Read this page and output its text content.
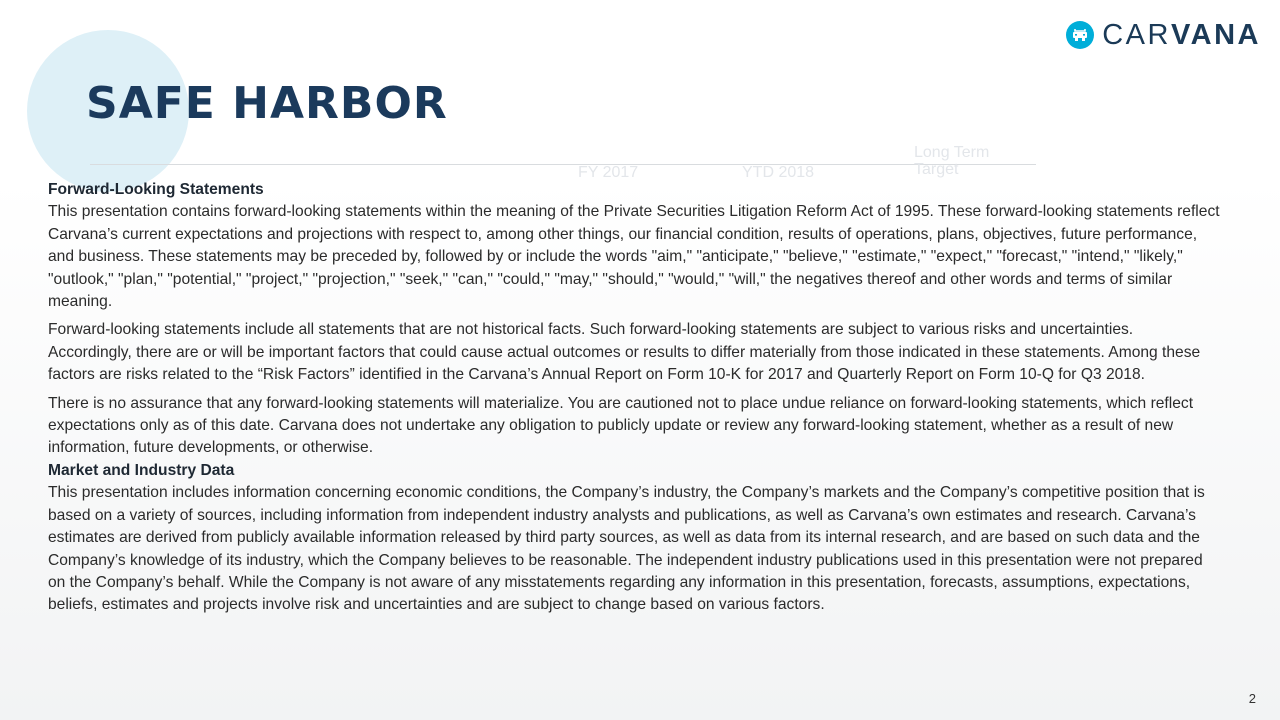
CARVANA
SAFE HARBOR
FY 2017	YTD 2018
Long Term Target
Forward-Looking Statements

This presentation contains forward-looking statements within the meaning of the Private Securities Litigation Reform Act of 1995. These forward-looking statements reflect Carvana’s current expectations and projections with respect to, among other things, our financial condition, results of operations, plans, objectives, future performance, and business. These statements may be preceded by, followed by or include the words "aim," "anticipate," "believe," "estimate," "expect," "forecast," "intend," "likely," "outlook," "plan," "potential," "project," "projection," "seek," "can," "could," "may," "should," "would," "will," the negatives thereof and other words and terms of similar meaning.

Forward-looking statements include all statements that are not historical facts. Such forward-looking statements are subject to various risks and uncertainties. Accordingly, there are or will be important factors that could cause actual outcomes or results to differ materially from those indicated in these statements. Among these factors are risks related to the “Risk Factors” identified in the Carvana’s Annual Report on Form 10-K for 2017 and Quarterly Report on Form 10-Q for Q3 2018.

There is no assurance that any forward-looking statements will materialize. You are cautioned not to place undue reliance on forward-looking statements, which reflect expectations only as of this date. Carvana does not undertake any obligation to publicly update or review any forward-looking statement, whether as a result of new information, future developments, or otherwise.

Market and Industry Data

This presentation includes information concerning economic conditions, the Company’s industry, the Company’s markets and the Company’s competitive position that is based on a variety of sources, including information from independent industry analysts and publications, as well as Carvana’s own estimates and research. Carvana’s estimates are derived from publicly available information released by third party sources, as well as data from its internal research, and are based on such data and the Company’s knowledge of its industry, which the Company believes to be reasonable. The independent industry publications used in this presentation were not prepared on the Company’s behalf. While the Company is not aware of any misstatements regarding any information in this presentation, forecasts, assumptions, expectations, beliefs, estimates and projects involve risk and uncertainties and are subject to change based on various factors.

2
